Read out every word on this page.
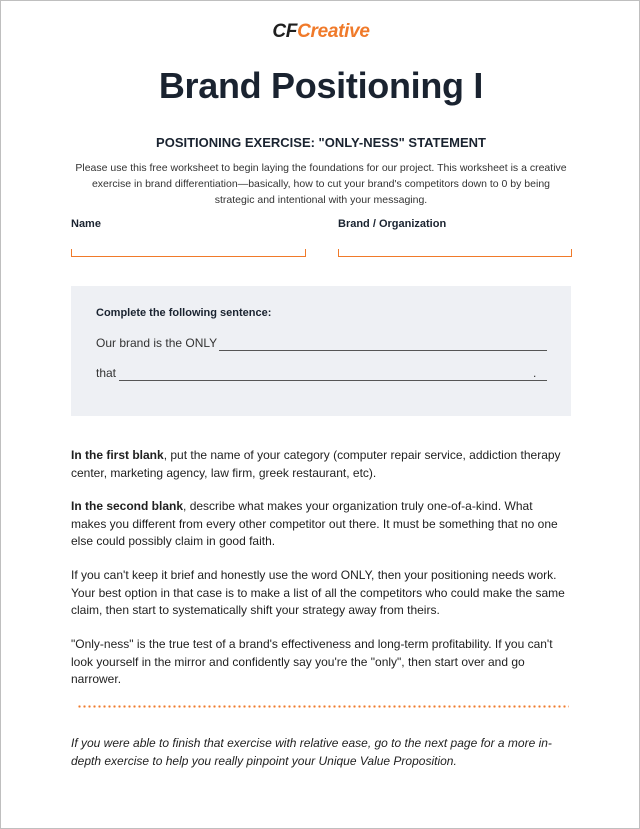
CFCreative
Brand Positioning I
POSITIONING EXERCISE: "ONLY-NESS" STATEMENT
Please use this free worksheet to begin laying the foundations for our project. This worksheet is a creative exercise in brand differentiation—basically, how to cut your brand's competitors down to 0 by being strategic and intentional with your messaging.
Name	Brand / Organization
Complete the following sentence:
Our brand is the ONLY
that	.
In the first blank, put the name of your category (computer repair service, addiction therapy center, marketing agency, law firm, greek restaurant, etc).
In the second blank, describe what makes your organization truly one-of-a-kind. What makes you different from every other competitor out there. It must be something that no one else could possibly claim in good faith.
If you can't keep it brief and honestly use the word ONLY, then your positioning needs work. Your best option in that case is to make a list of all the competitors who could make the same claim, then start to systematically shift your strategy away from theirs.
"Only-ness" is the true test of a brand's effectiveness and long-term profitability. If you can't look yourself in the mirror and confidently say you're the "only", then start over and go narrower.
If you were able to finish that exercise with relative ease, go to the next page for a more in-depth exercise to help you really pinpoint your Unique Value Proposition.
